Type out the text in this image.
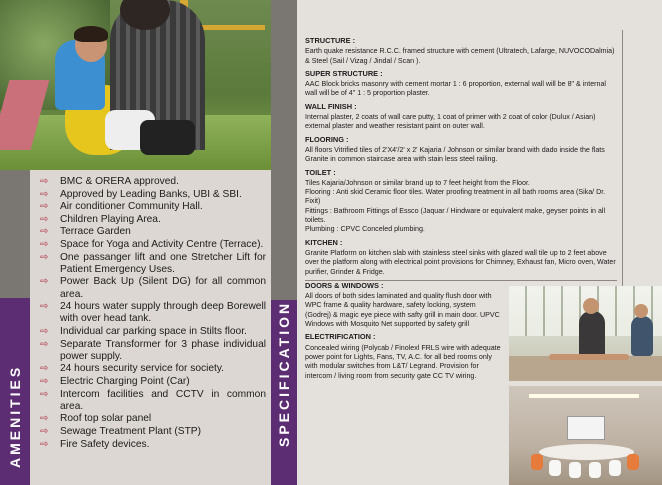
AMENITIES
⇨ BMC & ORERA approved.
⇨ Approved by Leading Banks, UBI & SBI.
⇨ Air conditioner Community Hall.
⇨ Children Playing Area.
⇨ Terrace Garden
⇨ Space for Yoga and Activity Centre (Terrace).
⇨ One passanger lift and one Stretcher Lift for Patient Emergency Uses.
⇨ Power Back Up (Silent DG) for all common area.
⇨ 24 hours water supply through deep Borewell with over head tank.
⇨ Individual car parking space in Stilts floor.
⇨ Separate Transformer for 3 phase individual power supply.
⇨ 24 hours security service for society.
⇨ Electric Charging Point (Car)
⇨ Intercom facilities and CCTV in common area.
⇨ Roof top solar panel
⇨ Sewage Treatment Plant (STP)
⇨ Fire Safety devices.	SPECIFICATION
STRUCTURE :

Earth quake resistance R.C.C. framed structure with cement (Ultratech, Lafarge, NUVOCODalmia) & Steel (Sail / Vizag / Jindal / Scan ).

SUPER STRUCTURE :

AAC Block bricks masonry with cement mortar 1 : 6 proportion, external wall will be 8" & internal wall will be of 4" 1 : 5 proportion plaster.

WALL FINISH :

Internal plaster, 2 coats of wall care putty, 1 coat of primer with 2 coat of color (Dulux / Asian) external plaster and weather resistant paint on outer wall.

FLOORING :

All floors Vitrified tiles of 2'X4'/2' x 2' Kajaria / Johnson or similar brand with dado inside the flats Granite in common staircase area with stain less steel railing.

TOILET :

Tiles Kajaria/Johnson or similar brand up to 7 feet height from the Floor.

Flooring : Anti skid Ceramic floor tiles. Water proofing treatment in all bath rooms area (Sika/ Dr. Fixit)

Fittings : Bathroom Fittings of Essco (Jaquar / Hindware or equivalent make, geyser points in all toilets.

Plumbing : CPVC Conceled plumbing.

KITCHEN :

Granite Platform on kitchen slab with stainless steel sinks with glazed wall tile up to 2 feet above over the platform along with electrical point provisions for Chimney, Exhaust fan, Micro oven, Water purifier, Grinder & Fridge.

DOORS & WINDOWS :

All doors of both sides laminated and quality flush door with WPC frame & quality hardware, safety locking, system (Godrej) & magic eye piece with safty grill in main door. UPVC Windows with Mosquito Net supported by safety grill

ELECTRIFICATION :

Concealed wiring (Polycab / Finolexl FRLS wire with adequate power point for Lights, Fans, TV, A.C. for all bed rooms only with modular switches from L&T/ Legrand. Provision for intercom / living room from security gate CC TV wiring.
